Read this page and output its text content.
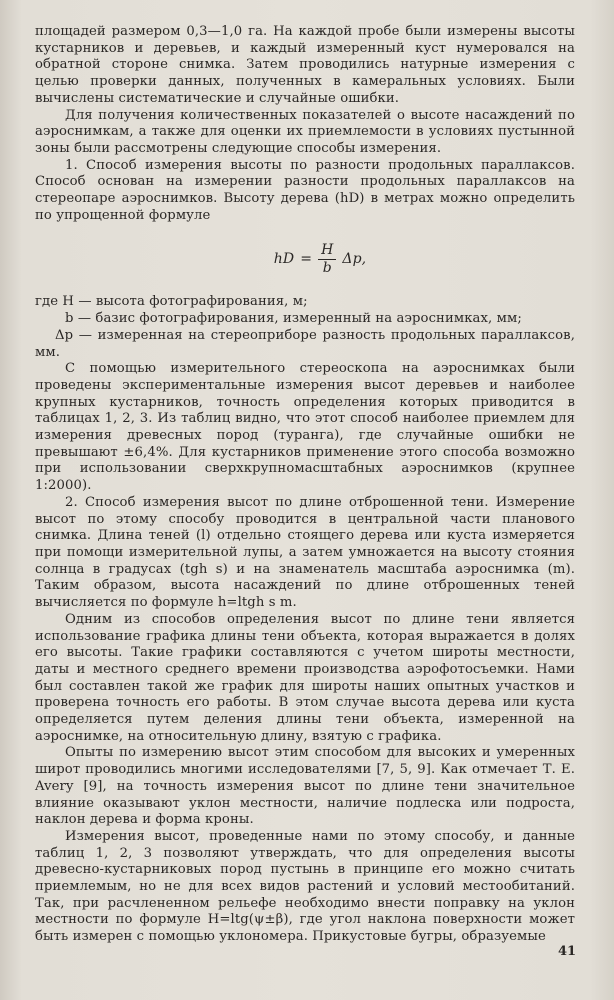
площадей размером 0,3—1,0 га. На каждой пробе были измерены высоты кустарников и деревьев, и каждый измеренный куст нумеровался на обратной стороне снимка. Затем проводились натурные измерения с целью проверки данных, полученных в камеральных условиях. Были вычислены систематические и случайные ошибки.

Для получения количественных показателей о высоте насаждений по аэроснимкам, а также для оценки их приемлемости в условиях пустынной зоны были рассмотрены следующие способы измерения.

1. Способ измерения высоты по разности продольных параллаксов. Способ основан на измерении разности продольных параллаксов на стереопаре аэроснимков. Высоту дерева (hD) в метрах можно определить по упрощенной формуле

hD = $\frac{H}{b} \Delta p$,
где H — высота фотографирования, м;
b — базис фотографирования, измеренный на аэроснимках, мм;
Δp — измеренная на стереоприборе разность продольных параллаксов, мм.

С помощью измерительного стереоскопа на аэроснимках были проведены экспериментальные измерения высот деревьев и наиболее крупных кустарников, точность определения которых приводится в таблицах 1, 2, 3. Из таблиц видно, что этот способ наиболее приемлем для измерения древесных пород (туранга), где случайные ошибки не превышают ±6,4%. Для кустарников применение этого способа возможно при использовании сверхкрупномасштабных аэроснимков (крупнее 1:2000).

2. Способ измерения высот по длине отброшенной тени. Измерение высот по этому способу проводится в центральной части планового снимка. Длина теней (l) отдельно стоящего дерева или куста измеряется при помощи измерительной лупы, а затем умножается на высоту стояния солнца в градусах (tgh s) и на знаменатель масштаба аэроснимка (m). Таким образом, высота насаждений по длине отброшенных теней вычисляется по формуле h=ltgh s m.

Одним из способов определения высот по длине тени является использование графика длины тени объекта, которая выражается в долях его высоты. Такие графики составляются с учетом широты местности, даты и местного среднего времени производства аэрофотосъемки. Нами был составлен такой же график для широты наших опытных участков и проверена точность его работы. В этом случае высота дерева или куста определяется путем деления длины тени объекта, измеренной на аэроснимке, на относительную длину, взятую с графика.

Опыты по измерению высот этим способом для высоких и умеренных широт проводились многими исследователями [7, 5, 9]. Как отмечает Т. Е. Avery [9], на точность измерения высот по длине тени значительное влияние оказывают уклон местности, наличие подлеска или подроста, наклон дерева и форма кроны.

Измерения высот, проведенные нами по этому способу, и данные таблиц 1, 2, 3 позволяют утверждать, что для определения высоты древесно-кустарниковых пород пустынь в принципе его можно считать приемлемым, но не для всех видов растений и условий местообитаний. Так, при расчлененном рельефе необходимо внести поправку на уклон местности по формуле H=ltg(ψ±β), где угол наклона поверхности может быть измерен с помощью уклономера. Прикустовые бугры, образуемые

41
